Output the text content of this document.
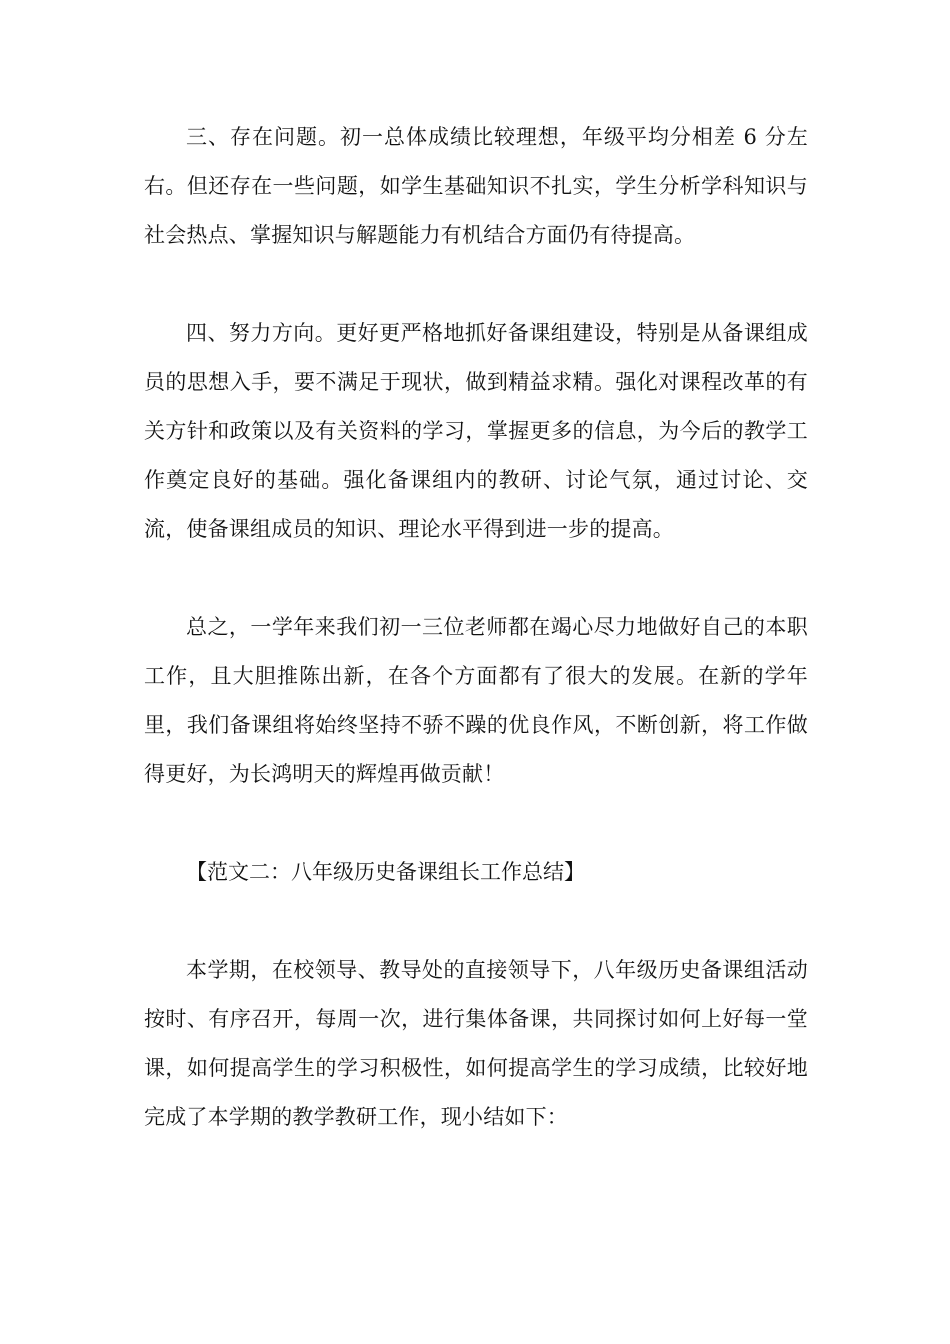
三、存在问题。初一总体成绩比较理想，年级平均分相差 6 分左右。但还存在一些问题，如学生基础知识不扎实，学生分析学科知识与社会热点、掌握知识与解题能力有机结合方面仍有待提高。

四、努力方向。更好更严格地抓好备课组建设，特别是从备课组成员的思想入手，要不满足于现状，做到精益求精。强化对课程改革的有关方针和政策以及有关资料的学习，掌握更多的信息，为今后的教学工作奠定良好的基础。强化备课组内的教研、讨论气氛，通过讨论、交流，使备课组成员的知识、理论水平得到进一步的提高。

总之，一学年来我们初一三位老师都在竭心尽力地做好自己的本职工作，且大胆推陈出新，在各个方面都有了很大的发展。在新的学年里，我们备课组将始终坚持不骄不躁的优良作风，不断创新，将工作做得更好，为长鸿明天的辉煌再做贡献！

【范文二：八年级历史备课组长工作总结】

本学期，在校领导、教导处的直接领导下，八年级历史备课组活动按时、有序召开，每周一次，进行集体备课，共同探讨如何上好每一堂课，如何提高学生的学习积极性，如何提高学生的学习成绩，比较好地完成了本学期的教学教研工作，现小结如下：
